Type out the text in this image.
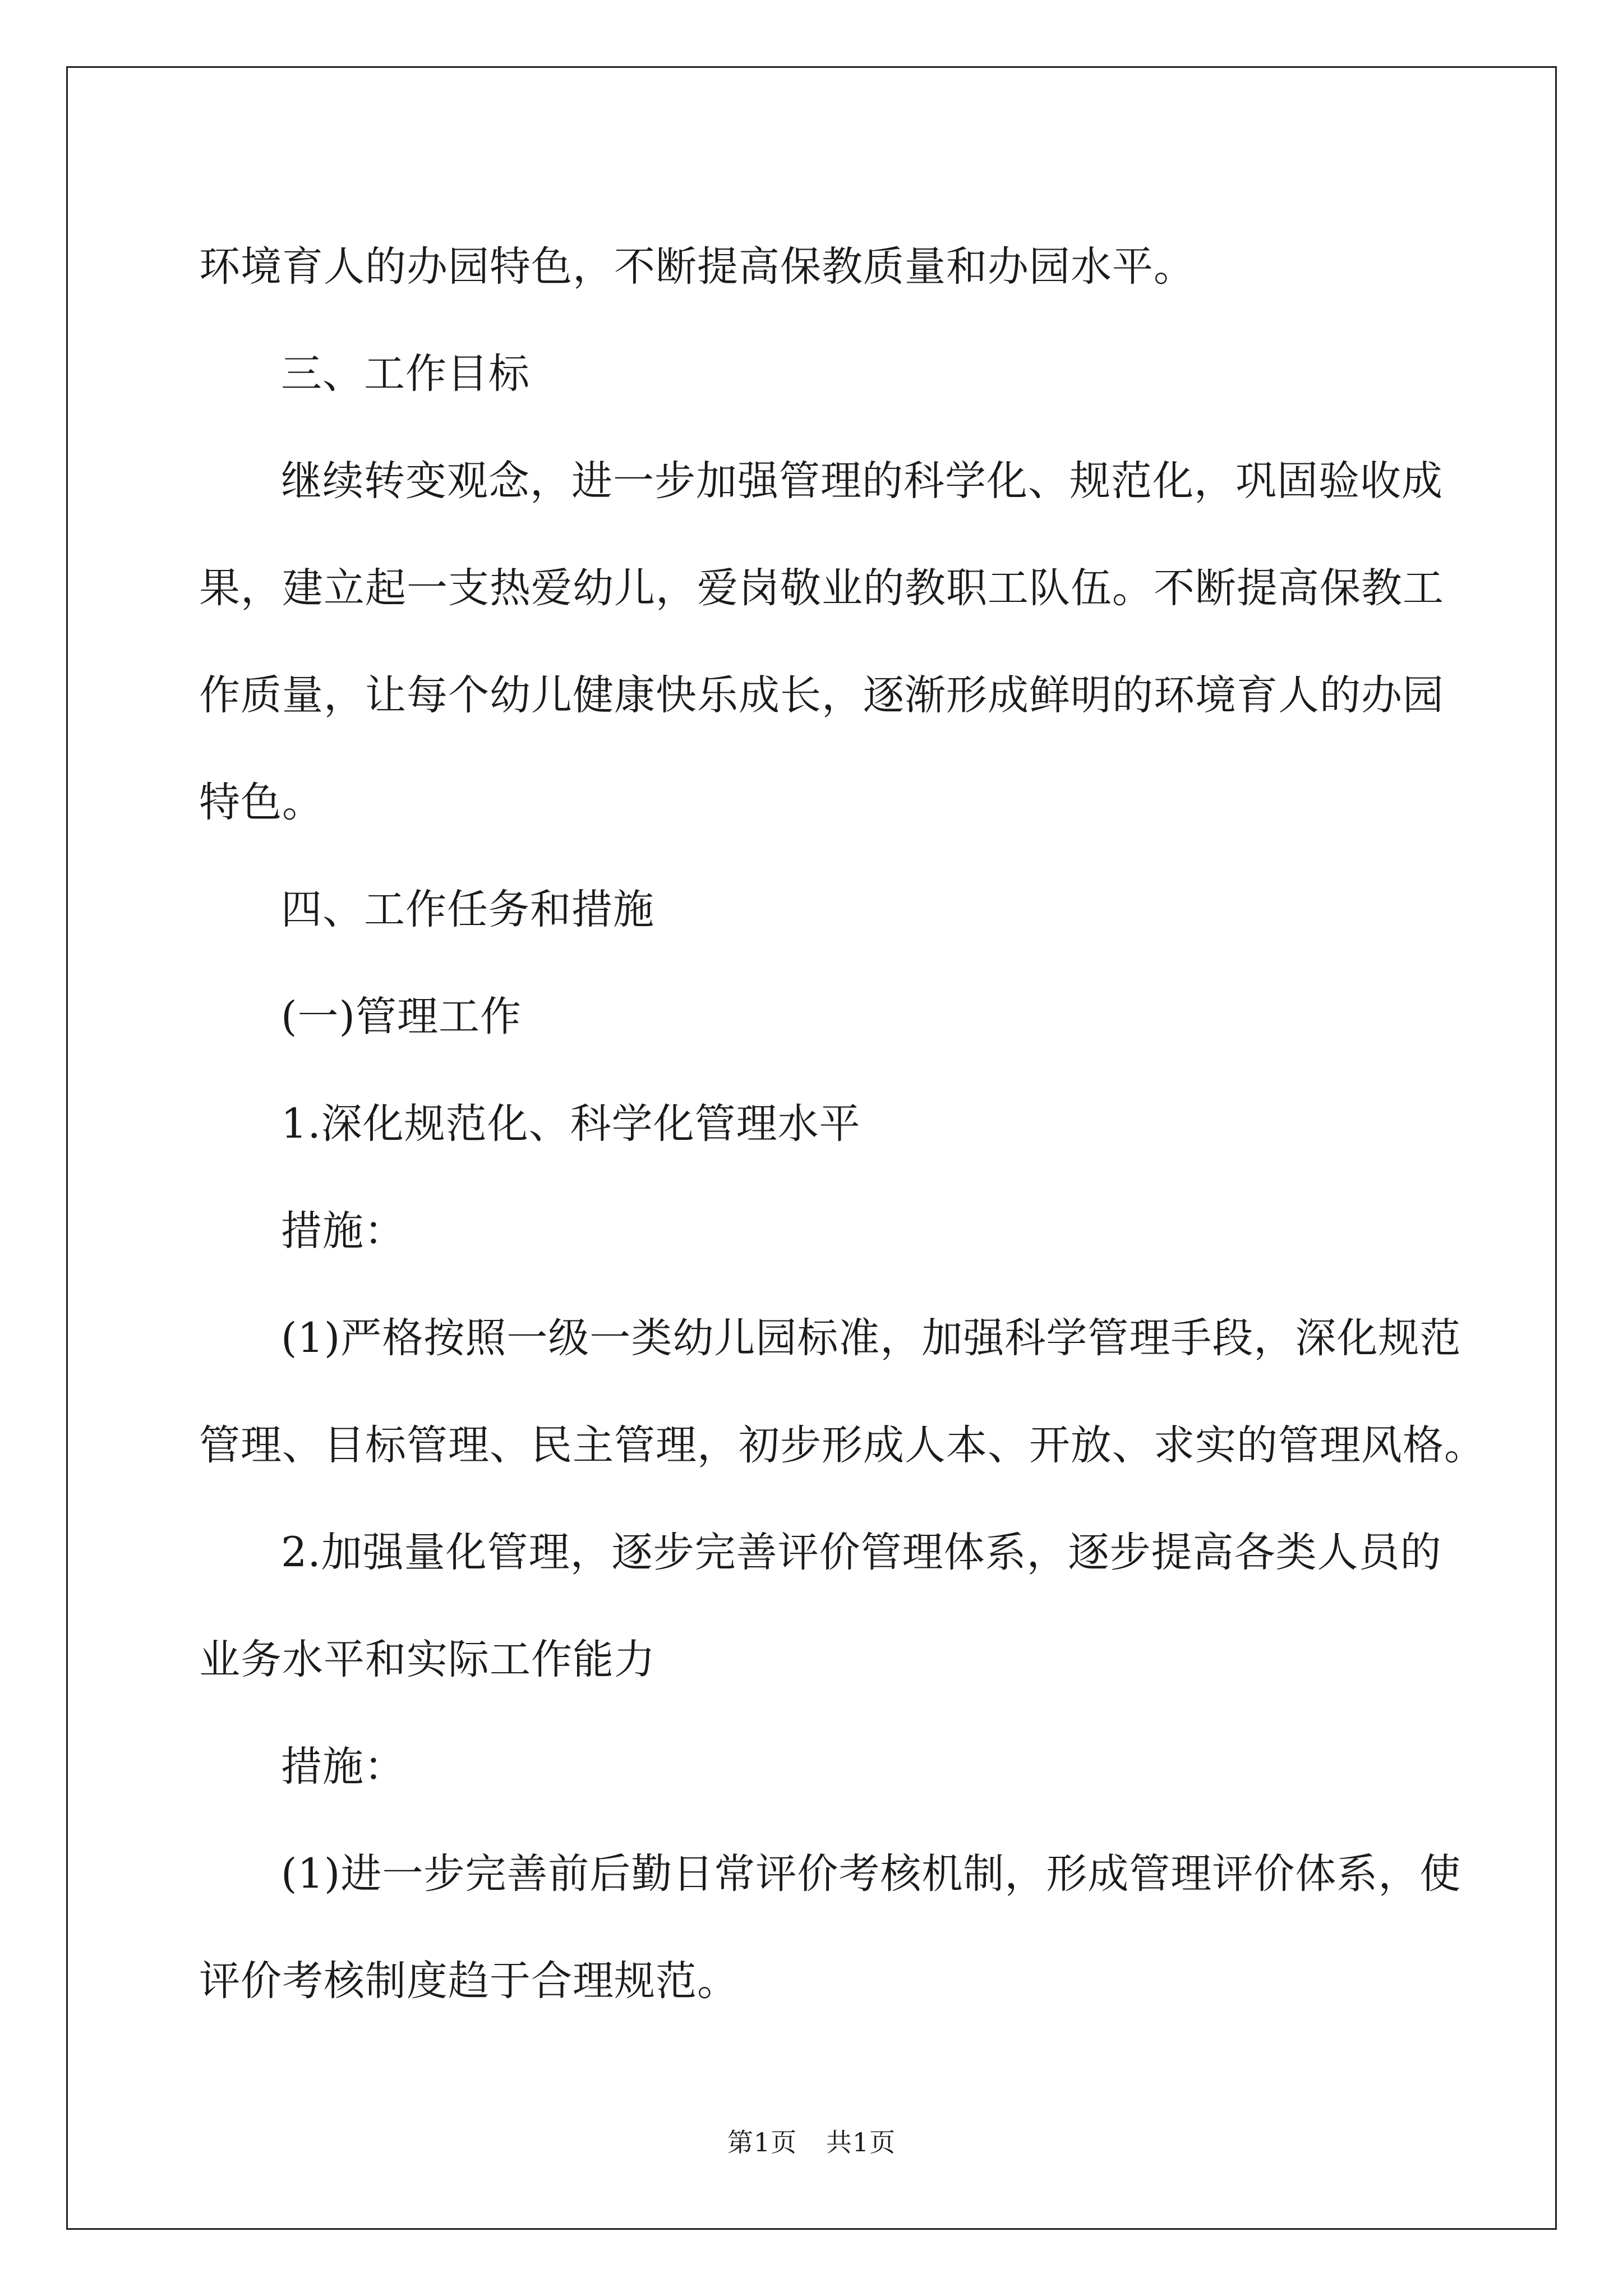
环境育人的办园特色，不断提高保教质量和办园水平。

三、工作目标

继续转变观念，进一步加强管理的科学化、规范化，巩固验收成

果，建立起一支热爱幼儿，爱岗敬业的教职工队伍。不断提高保教工

作质量，让每个幼儿健康快乐成长，逐渐形成鲜明的环境育人的办园

特色。

四、工作任务和措施

(一)管理工作

1.深化规范化、科学化管理水平

措施：

(1)严格按照一级一类幼儿园标准，加强科学管理手段，深化规范

管理、目标管理、民主管理，初步形成人本、开放、求实的管理风格。

2.加强量化管理，逐步完善评价管理体系，逐步提高各类人员的

业务水平和实际工作能力

措施：

(1)进一步完善前后勤日常评价考核机制，形成管理评价体系，使

评价考核制度趋于合理规范。

第1页 共1页
